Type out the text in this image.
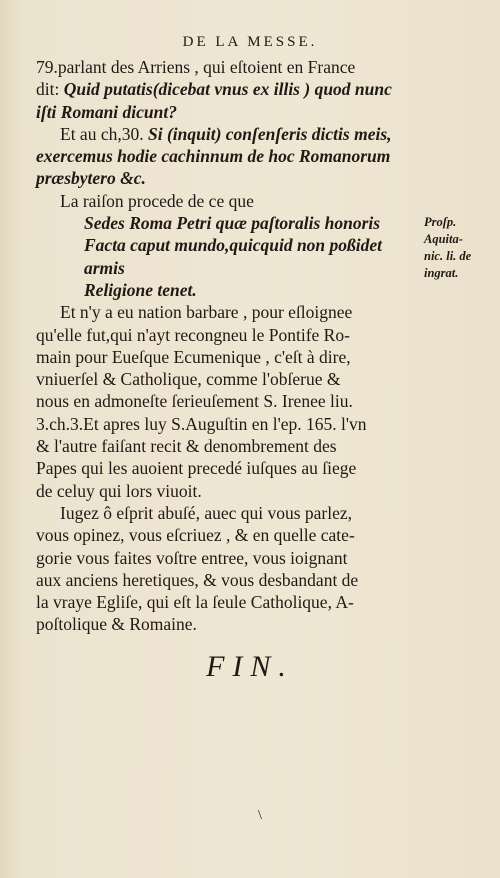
DE LA MESSE.

79.parlant des Arriens , qui eſtoient en France

dit: Quid putatis(dicebat vnus ex illis ) quod nunc

iſti Romani dicunt?

Et au ch,30. Si (inquit) conſenſeris dictis meis,

exercemus hodie cachinnum de hoc Romanorum

præsbytero &c.

La raiſon procede de ce que

Sedes Roma Petri quæ paſtoralis honoris

Facta caput mundo,quicquid non poßidet armis

Religione tenet.

Et n'y a eu nation barbare , pour eſloignee

qu'elle fut,qui n'ayt recongneu le Pontife Ro-

main pour Eueſque Ecumenique , c'eſt à dire,

vniuerſel & Catholique, comme l'obſerue &

nous en admoneſte ſerieuſement S. Irenee liu.

3.ch.3.Et apres luy S.Auguſtin en l'ep. 165. l'vn

& l'autre faiſant recit & denombrement des

Papes qui les auoient precedé iuſques au ſiege

de celuy qui lors viuoit.

Iugez ô eſprit abuſé, auec qui vous parlez,

vous opinez, vous eſcriuez , & en quelle cate-

gorie vous faites voſtre entree, vous ioignant

aux anciens heretiques, & vous desbandant de

la vraye Egliſe, qui eſt la ſeule Catholique, A-

poſtolique & Romaine.

Proſp.
Aquita-
nic. li. de
ingrat.
FIN.
\
